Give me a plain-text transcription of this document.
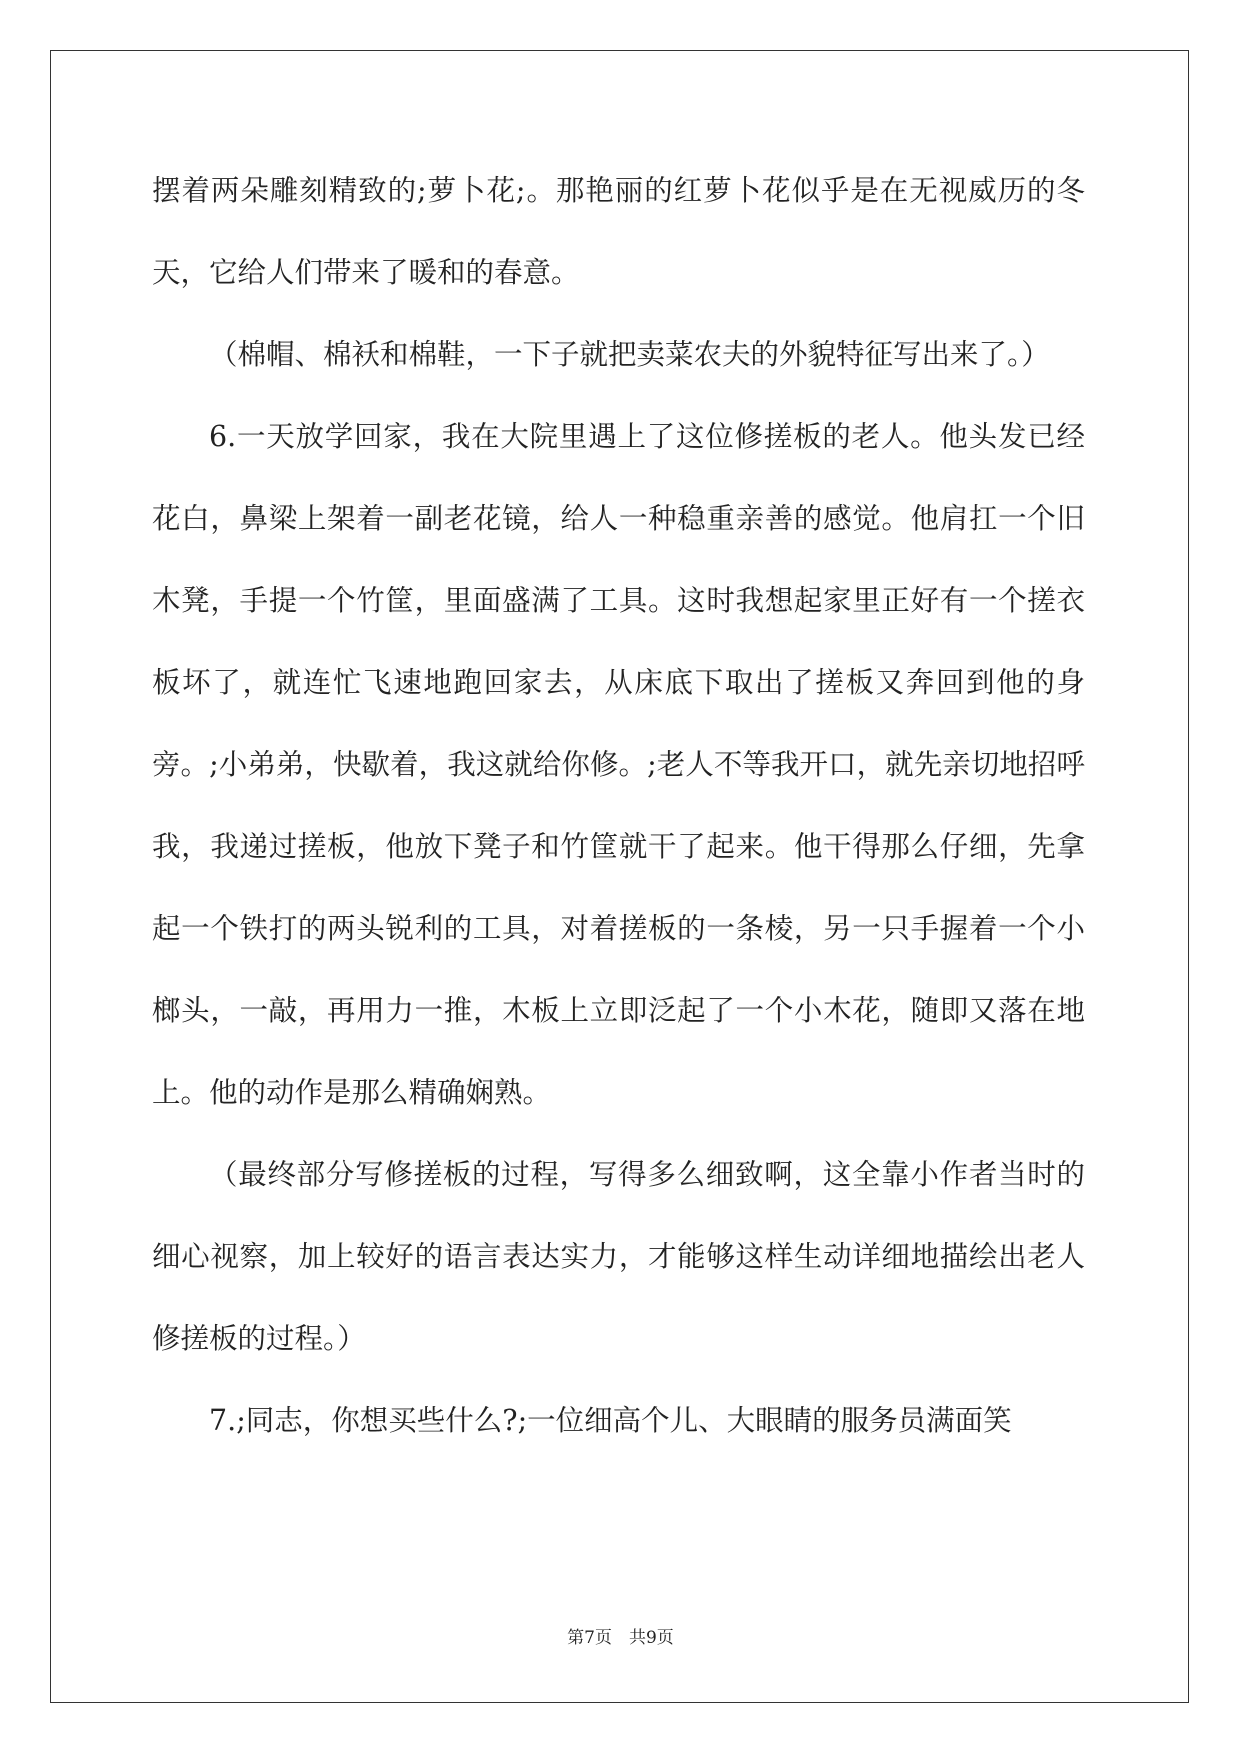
摆着两朵雕刻精致的;萝卜花;。那艳丽的红萝卜花似乎是在无视威历的冬天，它给人们带来了暖和的春意。

（棉帽、棉袄和棉鞋，一下子就把卖菜农夫的外貌特征写出来了。）

6.一天放学回家，我在大院里遇上了这位修搓板的老人。他头发已经花白，鼻梁上架着一副老花镜，给人一种稳重亲善的感觉。他肩扛一个旧木凳，手提一个竹筐，里面盛满了工具。这时我想起家里正好有一个搓衣板坏了，就连忙飞速地跑回家去，从床底下取出了搓板又奔回到他的身旁。;小弟弟，快歇着，我这就给你修。;老人不等我开口，就先亲切地招呼我，我递过搓板，他放下凳子和竹筐就干了起来。他干得那么仔细，先拿起一个铁打的两头锐利的工具，对着搓板的一条棱，另一只手握着一个小榔头，一敲，再用力一推，木板上立即泛起了一个小木花，随即又落在地上。他的动作是那么精确娴熟。

（最终部分写修搓板的过程，写得多么细致啊，这全靠小作者当时的细心视察，加上较好的语言表达实力，才能够这样生动详细地描绘出老人修搓板的过程。）

7.;同志，你想买些什么?;一位细高个儿、大眼睛的服务员满面笑

第7页　共9页
